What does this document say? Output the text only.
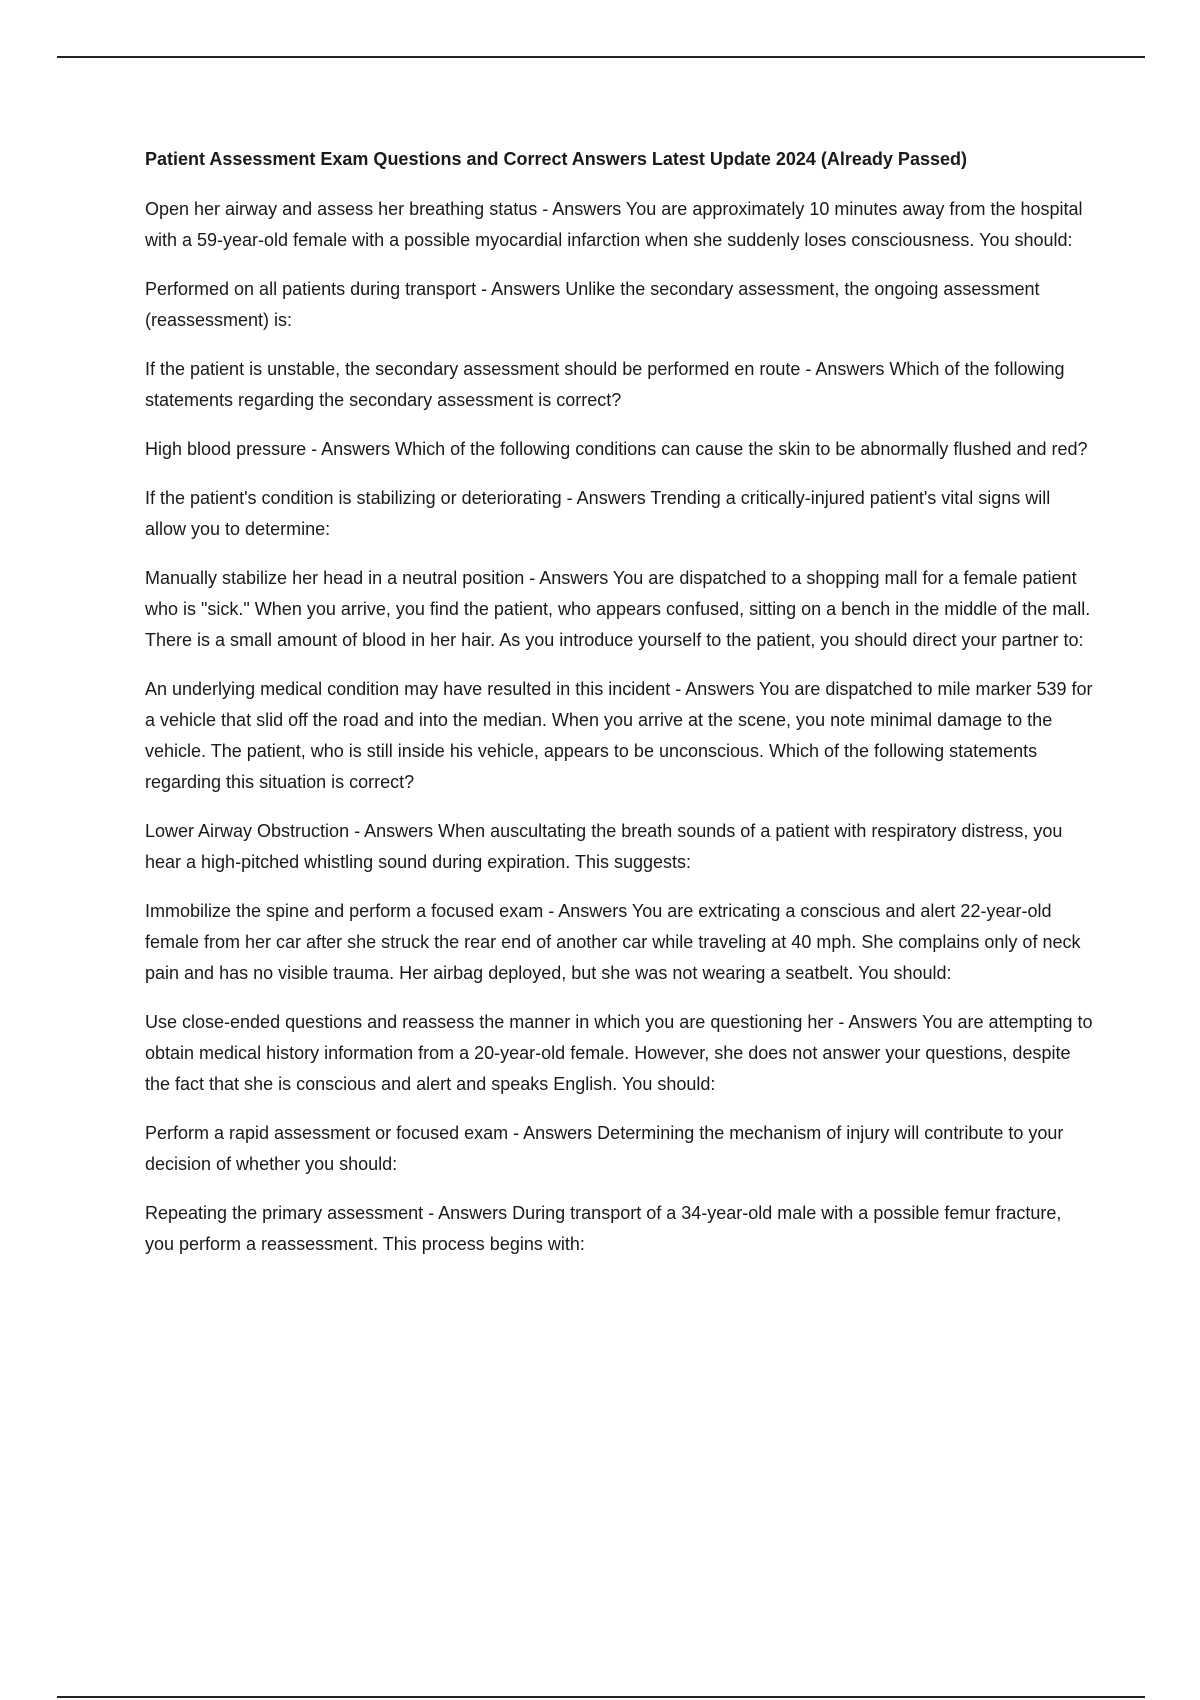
Patient Assessment Exam Questions and Correct Answers Latest Update 2024 (Already Passed)

Open her airway and assess her breathing status - Answers You are approximately 10 minutes away from the hospital with a 59-year-old female with a possible myocardial infarction when she suddenly loses consciousness. You should:

Performed on all patients during transport - Answers Unlike the secondary assessment, the ongoing assessment (reassessment) is:

If the patient is unstable, the secondary assessment should be performed en route - Answers Which of the following statements regarding the secondary assessment is correct?

High blood pressure - Answers Which of the following conditions can cause the skin to be abnormally flushed and red?

If the patient's condition is stabilizing or deteriorating - Answers Trending a critically-injured patient's vital signs will allow you to determine:

Manually stabilize her head in a neutral position - Answers You are dispatched to a shopping mall for a female patient who is "sick." When you arrive, you find the patient, who appears confused, sitting on a bench in the middle of the mall. There is a small amount of blood in her hair. As you introduce yourself to the patient, you should direct your partner to:

An underlying medical condition may have resulted in this incident - Answers You are dispatched to mile marker 539 for a vehicle that slid off the road and into the median. When you arrive at the scene, you note minimal damage to the vehicle. The patient, who is still inside his vehicle, appears to be unconscious. Which of the following statements regarding this situation is correct?

Lower Airway Obstruction - Answers When auscultating the breath sounds of a patient with respiratory distress, you hear a high-pitched whistling sound during expiration. This suggests:

Immobilize the spine and perform a focused exam - Answers You are extricating a conscious and alert 22-year-old female from her car after she struck the rear end of another car while traveling at 40 mph. She complains only of neck pain and has no visible trauma. Her airbag deployed, but she was not wearing a seatbelt. You should:

Use close-ended questions and reassess the manner in which you are questioning her - Answers You are attempting to obtain medical history information from a 20-year-old female. However, she does not answer your questions, despite the fact that she is conscious and alert and speaks English. You should:

Perform a rapid assessment or focused exam - Answers Determining the mechanism of injury will contribute to your decision of whether you should:

Repeating the primary assessment - Answers During transport of a 34-year-old male with a possible femur fracture, you perform a reassessment. This process begins with:
